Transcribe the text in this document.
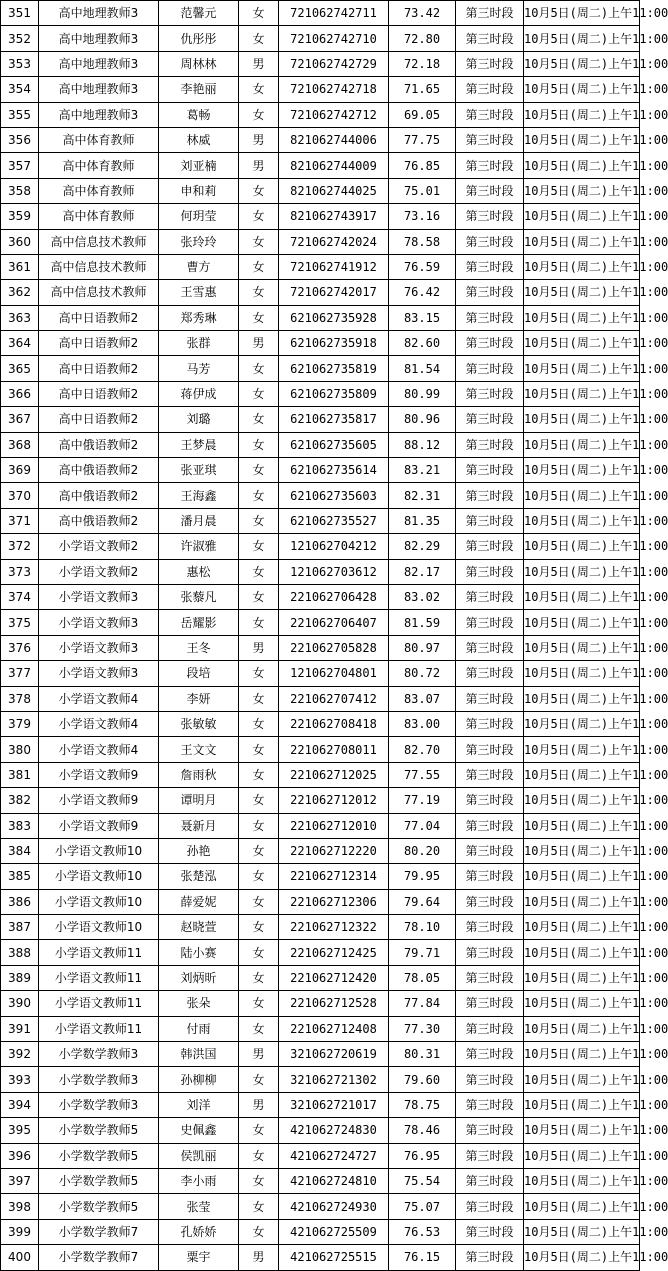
351	高中地理教师3	范馨元	女	721062742711	73.42	第三时段	10月5日(周二)上午11:00
352	高中地理教师3	仇彤彤	女	721062742710	72.80	第三时段	10月5日(周二)上午11:00
353	高中地理教师3	周林林	男	721062742729	72.18	第三时段	10月5日(周二)上午11:00
354	高中地理教师3	李艳丽	女	721062742718	71.65	第三时段	10月5日(周二)上午11:00
355	高中地理教师3	葛畅	女	721062742712	69.05	第三时段	10月5日(周二)上午11:00
356	高中体育教师	林威	男	821062744006	77.75	第三时段	10月5日(周二)上午11:00
357	高中体育教师	刘亚楠	男	821062744009	76.85	第三时段	10月5日(周二)上午11:00
358	高中体育教师	申和莉	女	821062744025	75.01	第三时段	10月5日(周二)上午11:00
359	高中体育教师	何玥莹	女	821062743917	73.16	第三时段	10月5日(周二)上午11:00
360	高中信息技术教师	张玲玲	女	721062742024	78.58	第三时段	10月5日(周二)上午11:00
361	高中信息技术教师	曹方	女	721062741912	76.59	第三时段	10月5日(周二)上午11:00
362	高中信息技术教师	王雪惠	女	721062742017	76.42	第三时段	10月5日(周二)上午11:00
363	高中日语教师2	郑秀琳	女	621062735928	83.15	第三时段	10月5日(周二)上午11:00
364	高中日语教师2	张群	男	621062735918	82.60	第三时段	10月5日(周二)上午11:00
365	高中日语教师2	马芳	女	621062735819	81.54	第三时段	10月5日(周二)上午11:00
366	高中日语教师2	蒋伊成	女	621062735809	80.99	第三时段	10月5日(周二)上午11:00
367	高中日语教师2	刘璐	女	621062735817	80.96	第三时段	10月5日(周二)上午11:00
368	高中俄语教师2	王梦晨	女	621062735605	88.12	第三时段	10月5日(周二)上午11:00
369	高中俄语教师2	张亚琪	女	621062735614	83.21	第三时段	10月5日(周二)上午11:00
370	高中俄语教师2	王海鑫	女	621062735603	82.31	第三时段	10月5日(周二)上午11:00
371	高中俄语教师2	潘月晨	女	621062735527	81.35	第三时段	10月5日(周二)上午11:00
372	小学语文教师2	许淑雅	女	121062704212	82.29	第三时段	10月5日(周二)上午11:00
373	小学语文教师2	惠松	女	121062703612	82.17	第三时段	10月5日(周二)上午11:00
374	小学语文教师3	张藜凡	女	221062706428	83.02	第三时段	10月5日(周二)上午11:00
375	小学语文教师3	岳耀影	女	221062706407	81.59	第三时段	10月5日(周二)上午11:00
376	小学语文教师3	王冬	男	221062705828	80.97	第三时段	10月5日(周二)上午11:00
377	小学语文教师3	段培	女	121062704801	80.72	第三时段	10月5日(周二)上午11:00
378	小学语文教师4	李妍	女	221062707412	83.07	第三时段	10月5日(周二)上午11:00
379	小学语文教师4	张敏敏	女	221062708418	83.00	第三时段	10月5日(周二)上午11:00
380	小学语文教师4	王文文	女	221062708011	82.70	第三时段	10月5日(周二)上午11:00
381	小学语文教师9	詹雨秋	女	221062712025	77.55	第三时段	10月5日(周二)上午11:00
382	小学语文教师9	谭明月	女	221062712012	77.19	第三时段	10月5日(周二)上午11:00
383	小学语文教师9	聂新月	女	221062712010	77.04	第三时段	10月5日(周二)上午11:00
384	小学语文教师10	孙艳	女	221062712220	80.20	第三时段	10月5日(周二)上午11:00
385	小学语文教师10	张楚泓	女	221062712314	79.95	第三时段	10月5日(周二)上午11:00
386	小学语文教师10	薛爱妮	女	221062712306	79.64	第三时段	10月5日(周二)上午11:00
387	小学语文教师10	赵晓萱	女	221062712322	78.10	第三时段	10月5日(周二)上午11:00
388	小学语文教师11	陆小赛	女	221062712425	79.71	第三时段	10月5日(周二)上午11:00
389	小学语文教师11	刘炳昕	女	221062712420	78.05	第三时段	10月5日(周二)上午11:00
390	小学语文教师11	张朵	女	221062712528	77.84	第三时段	10月5日(周二)上午11:00
391	小学语文教师11	付雨	女	221062712408	77.30	第三时段	10月5日(周二)上午11:00
392	小学数学教师3	韩洪国	男	321062720619	80.31	第三时段	10月5日(周二)上午11:00
393	小学数学教师3	孙柳柳	女	321062721302	79.60	第三时段	10月5日(周二)上午11:00
394	小学数学教师3	刘洋	男	321062721017	78.75	第三时段	10月5日(周二)上午11:00
395	小学数学教师5	史佩鑫	女	421062724830	78.46	第三时段	10月5日(周二)上午11:00
396	小学数学教师5	侯凯丽	女	421062724727	76.95	第三时段	10月5日(周二)上午11:00
397	小学数学教师5	李小雨	女	421062724810	75.54	第三时段	10月5日(周二)上午11:00
398	小学数学教师5	张莹	女	421062724930	75.07	第三时段	10月5日(周二)上午11:00
399	小学数学教师7	孔娇娇	女	421062725509	76.53	第三时段	10月5日(周二)上午11:00
400	小学数学教师7	粟宇	男	421062725515	76.15	第三时段	10月5日(周二)上午11:00
